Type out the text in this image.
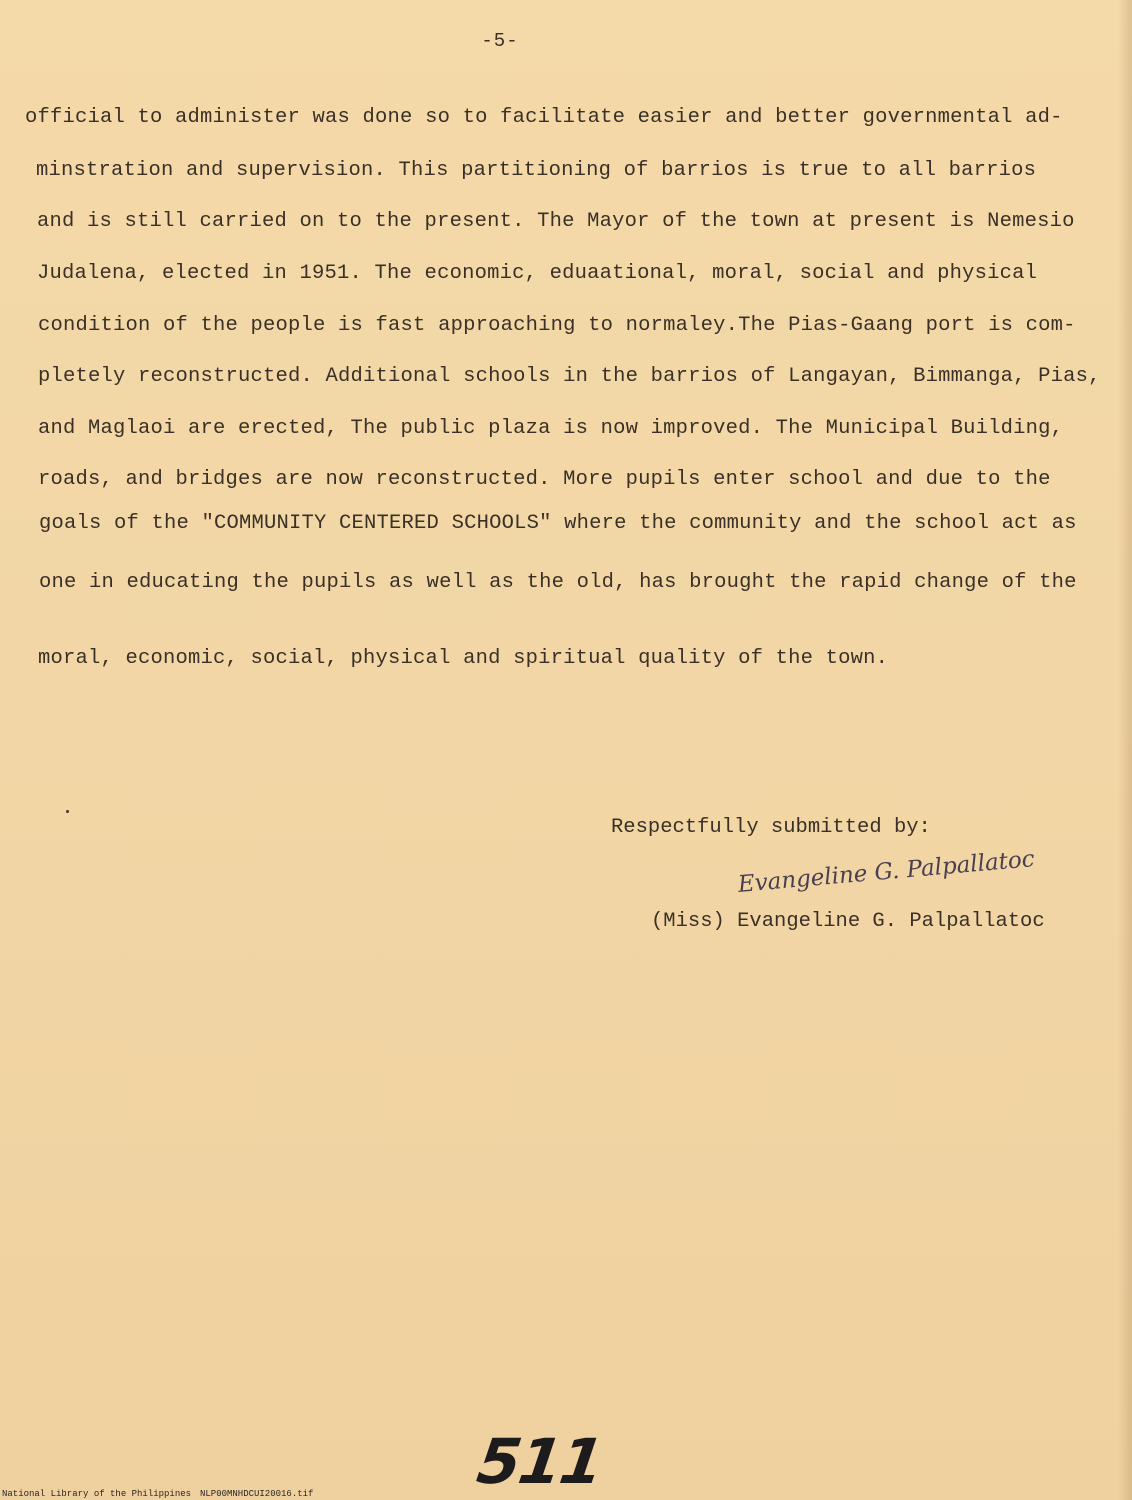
-5-
official to administer was done so to facilitate easier and better governmental ad-
minstration and supervision. This partitioning of barrios is true to all barrios
and is still carried on to the present. The Mayor of the town at present is Nemesio
Judalena, elected in 1951. The economic, eduaational, moral, social and physical
condition of the people is fast approaching to normaley.The Pias-Gaang port is com-
pletely reconstructed. Additional schools in the barrios of Langayan, Bimmanga, Pias,
and Maglaoi are erected, The public plaza is now improved. The Municipal Building,
roads, and bridges are now reconstructed. More pupils enter school and due to the
goals of the "COMMUNITY CENTERED SCHOOLS" where the community and the school act as
one in educating the pupils as well as the old, has brought the rapid change of the
moral, economic, social, physical and spiritual quality of the town.
Respectfully submitted by:
Evangeline G. Palpallatoc
(Miss) Evangeline G. Palpallatoc
511
National Library of the Philippines NLP00MNHDCUI20016.tif
